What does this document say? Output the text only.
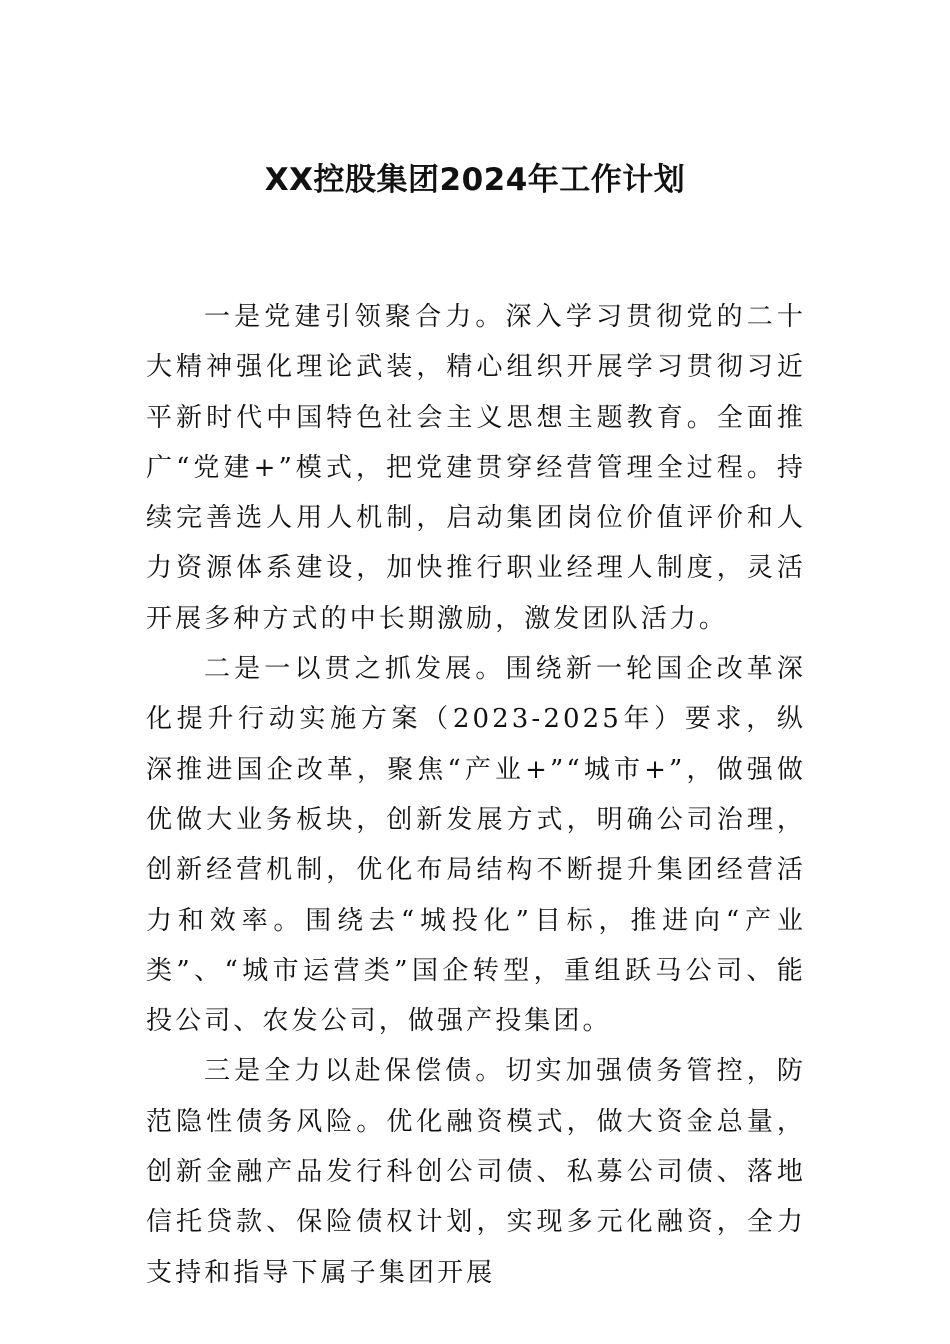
XX控股集团2024年工作计划

一是党建引领聚合力。深入学习贯彻党的二十大精神强化理论武装，精心组织开展学习贯彻习近平新时代中国特色社会主义思想主题教育。全面推广“党建+”模式，把党建贯穿经营管理全过程。持续完善选人用人机制，启动集团岗位价值评价和人力资源体系建设，加快推行职业经理人制度，灵活开展多种方式的中长期激励，激发团队活力。

二是一以贯之抓发展。围绕新一轮国企改革深化提升行动实施方案（2023-2025年）要求，纵深推进国企改革，聚焦“产业+”“城市+”，做强做优做大业务板块，创新发展方式，明确公司治理，创新经营机制，优化布局结构不断提升集团经营活力和效率。围绕去“城投化”目标，推进向“产业类”、“城市运营类”国企转型，重组跃马公司、能投公司、农发公司，做强产投集团。

三是全力以赴保偿债。切实加强债务管控，防范隐性债务风险。优化融资模式，做大资金总量，创新金融产品发行科创公司债、私募公司债、落地信托贷款、保险债权计划，实现多元化融资，全力支持和指导下属子集团开展
